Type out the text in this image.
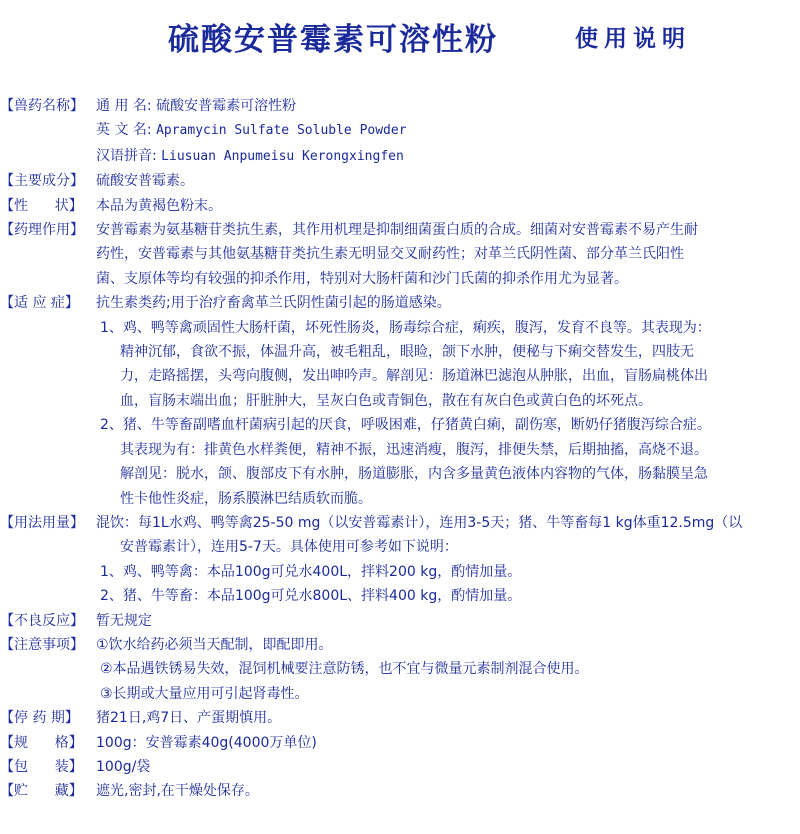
硫酸安普霉素可溶性粉	使用说明
【兽药名称】 通 用 名: 硫酸安普霉素可溶性粉
英 文 名: Apramycin Sulfate Soluble Powder
汉语拼音: Liusuan Anpumeisu Kerongxingfen
【主要成分】 硫酸安普霉素。
【性      状】 本品为黄褐色粉末。
【药理作用】 安普霉素为氨基糖苷类抗生素，其作用机理是抑制细菌蛋白质的合成。细菌对安普霉素不易产生耐
药性，安普霉素与其他氨基糖苷类抗生素无明显交叉耐药性；对革兰氏阴性菌、部分革兰氏阳性
菌、支原体等均有较强的抑杀作用，特别对大肠杆菌和沙门氏菌的抑杀作用尤为显著。
【适 应 症】	抗生素类药;用于治疗畜禽革兰氏阴性菌引起的肠道感染。
1、鸡、鸭等禽顽固性大肠杆菌，坏死性肠炎，肠毒综合症，痢疾，腹泻，发育不良等。其表现为：
精神沉郁，食欲不振，体温升高，被毛粗乱，眼睑，颌下水肿，便秘与下痢交替发生，四肢无
力，走路摇摆，头弯向腹侧，发出呻吟声。解剖见：肠道淋巴滤泡从肿胀，出血，盲肠扁桃体出
血，盲肠末端出血；肝脏肿大，呈灰白色或青铜色，散在有灰白色或黄白色的坏死点。
2、猪、牛等畜副嗜血杆菌病引起的厌食，呼吸困难，仔猪黄白痢，副伤寒，断奶仔猪腹泻综合症。
其表现为有：排黄色水样粪便，精神不振，迅速消瘦，腹泻，排便失禁，后期抽搐，高烧不退。
解剖见：脱水，颌、腹部皮下有水肿，肠道膨胀，内含多量黄色液体内容物的气体，肠黏膜呈急
性卡他性炎症，肠系膜淋巴结质软而脆。
【用法用量】 混饮：每1L水鸡、鸭等禽25-50 mg（以安普霉素计），连用3-5天；猪、牛等畜每1 kg体重12.5mg（以
安普霉素计），连用5-7天。具体使用可参考如下说明：
1、鸡、鸭等禽：本品100g可兑水400L，拌料200 kg，酌情加量。
2、猪、牛等畜：本品100g可兑水800L、拌料400 kg，酌情加量。
【不良反应】 暂无规定
【注意事项】 ①饮水给药必须当天配制，即配即用。
②本品遇铁锈易失效，混饲机械要注意防锈，也不宜与微量元素制剂混合使用。
③长期或大量应用可引起肾毒性。
【停 药 期】	猪21日,鸡7日、产蛋期慎用。
【规      格】 100g：安普霉素40g(4000万单位)
【包      装】 100g/袋
【贮      藏】 遮光,密封,在干燥处保存。
